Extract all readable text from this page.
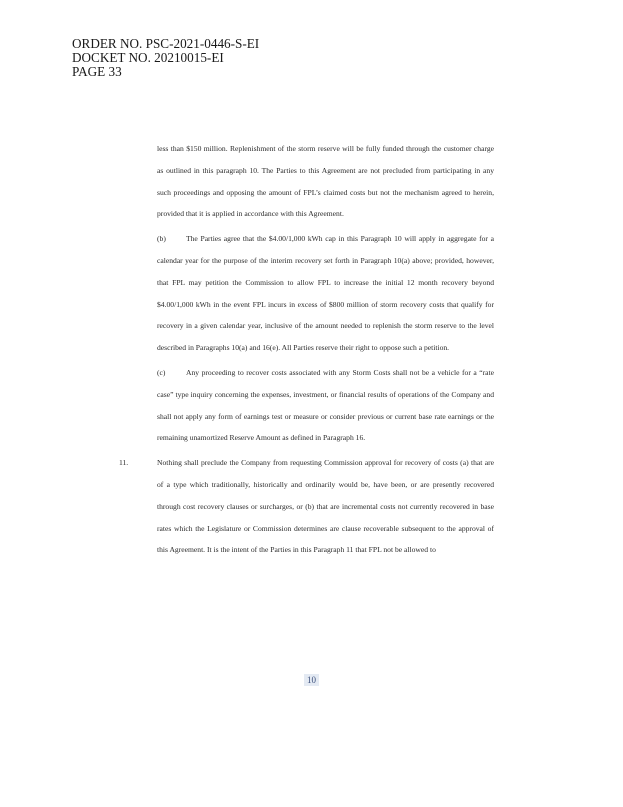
ORDER NO. PSC-2021-0446-S-EI
DOCKET NO. 20210015-EI
PAGE 33

less than $150 million. Replenishment of the storm reserve will be fully funded through the customer charge as outlined in this paragraph 10. The Parties to this Agreement are not precluded from participating in any such proceedings and opposing the amount of FPL’s claimed costs but not the mechanism agreed to herein, provided that it is applied in accordance with this Agreement.

(b)	The Parties agree that the $4.00/1,000 kWh cap in this Paragraph 10 will apply in aggregate for a calendar year for the purpose of the interim recovery set forth in Paragraph 10(a) above; provided, however, that FPL may petition the Commission to allow FPL to increase the initial 12 month recovery beyond $4.00/1,000 kWh in the event FPL incurs in excess of $800 million of storm recovery costs that qualify for recovery in a given calendar year, inclusive of the amount needed to replenish the storm reserve to the level described in Paragraphs 10(a) and 16(e). All Parties reserve their right to oppose such a petition.

(c)	Any proceeding to recover costs associated with any Storm Costs shall not be a vehicle for a “rate case” type inquiry concerning the expenses, investment, or financial results of operations of the Company and shall not apply any form of earnings test or measure or consider previous or current base rate earnings or the remaining unamortized Reserve Amount as defined in Paragraph 16.

11.	Nothing shall preclude the Company from requesting Commission approval for recovery of costs (a) that are of a type which traditionally, historically and ordinarily would be, have been, or are presently recovered through cost recovery clauses or surcharges, or (b) that are incremental costs not currently recovered in base rates which the Legislature or Commission determines are clause recoverable subsequent to the approval of this Agreement. It is the intent of the Parties in this Paragraph 11 that FPL not be allowed to

10
